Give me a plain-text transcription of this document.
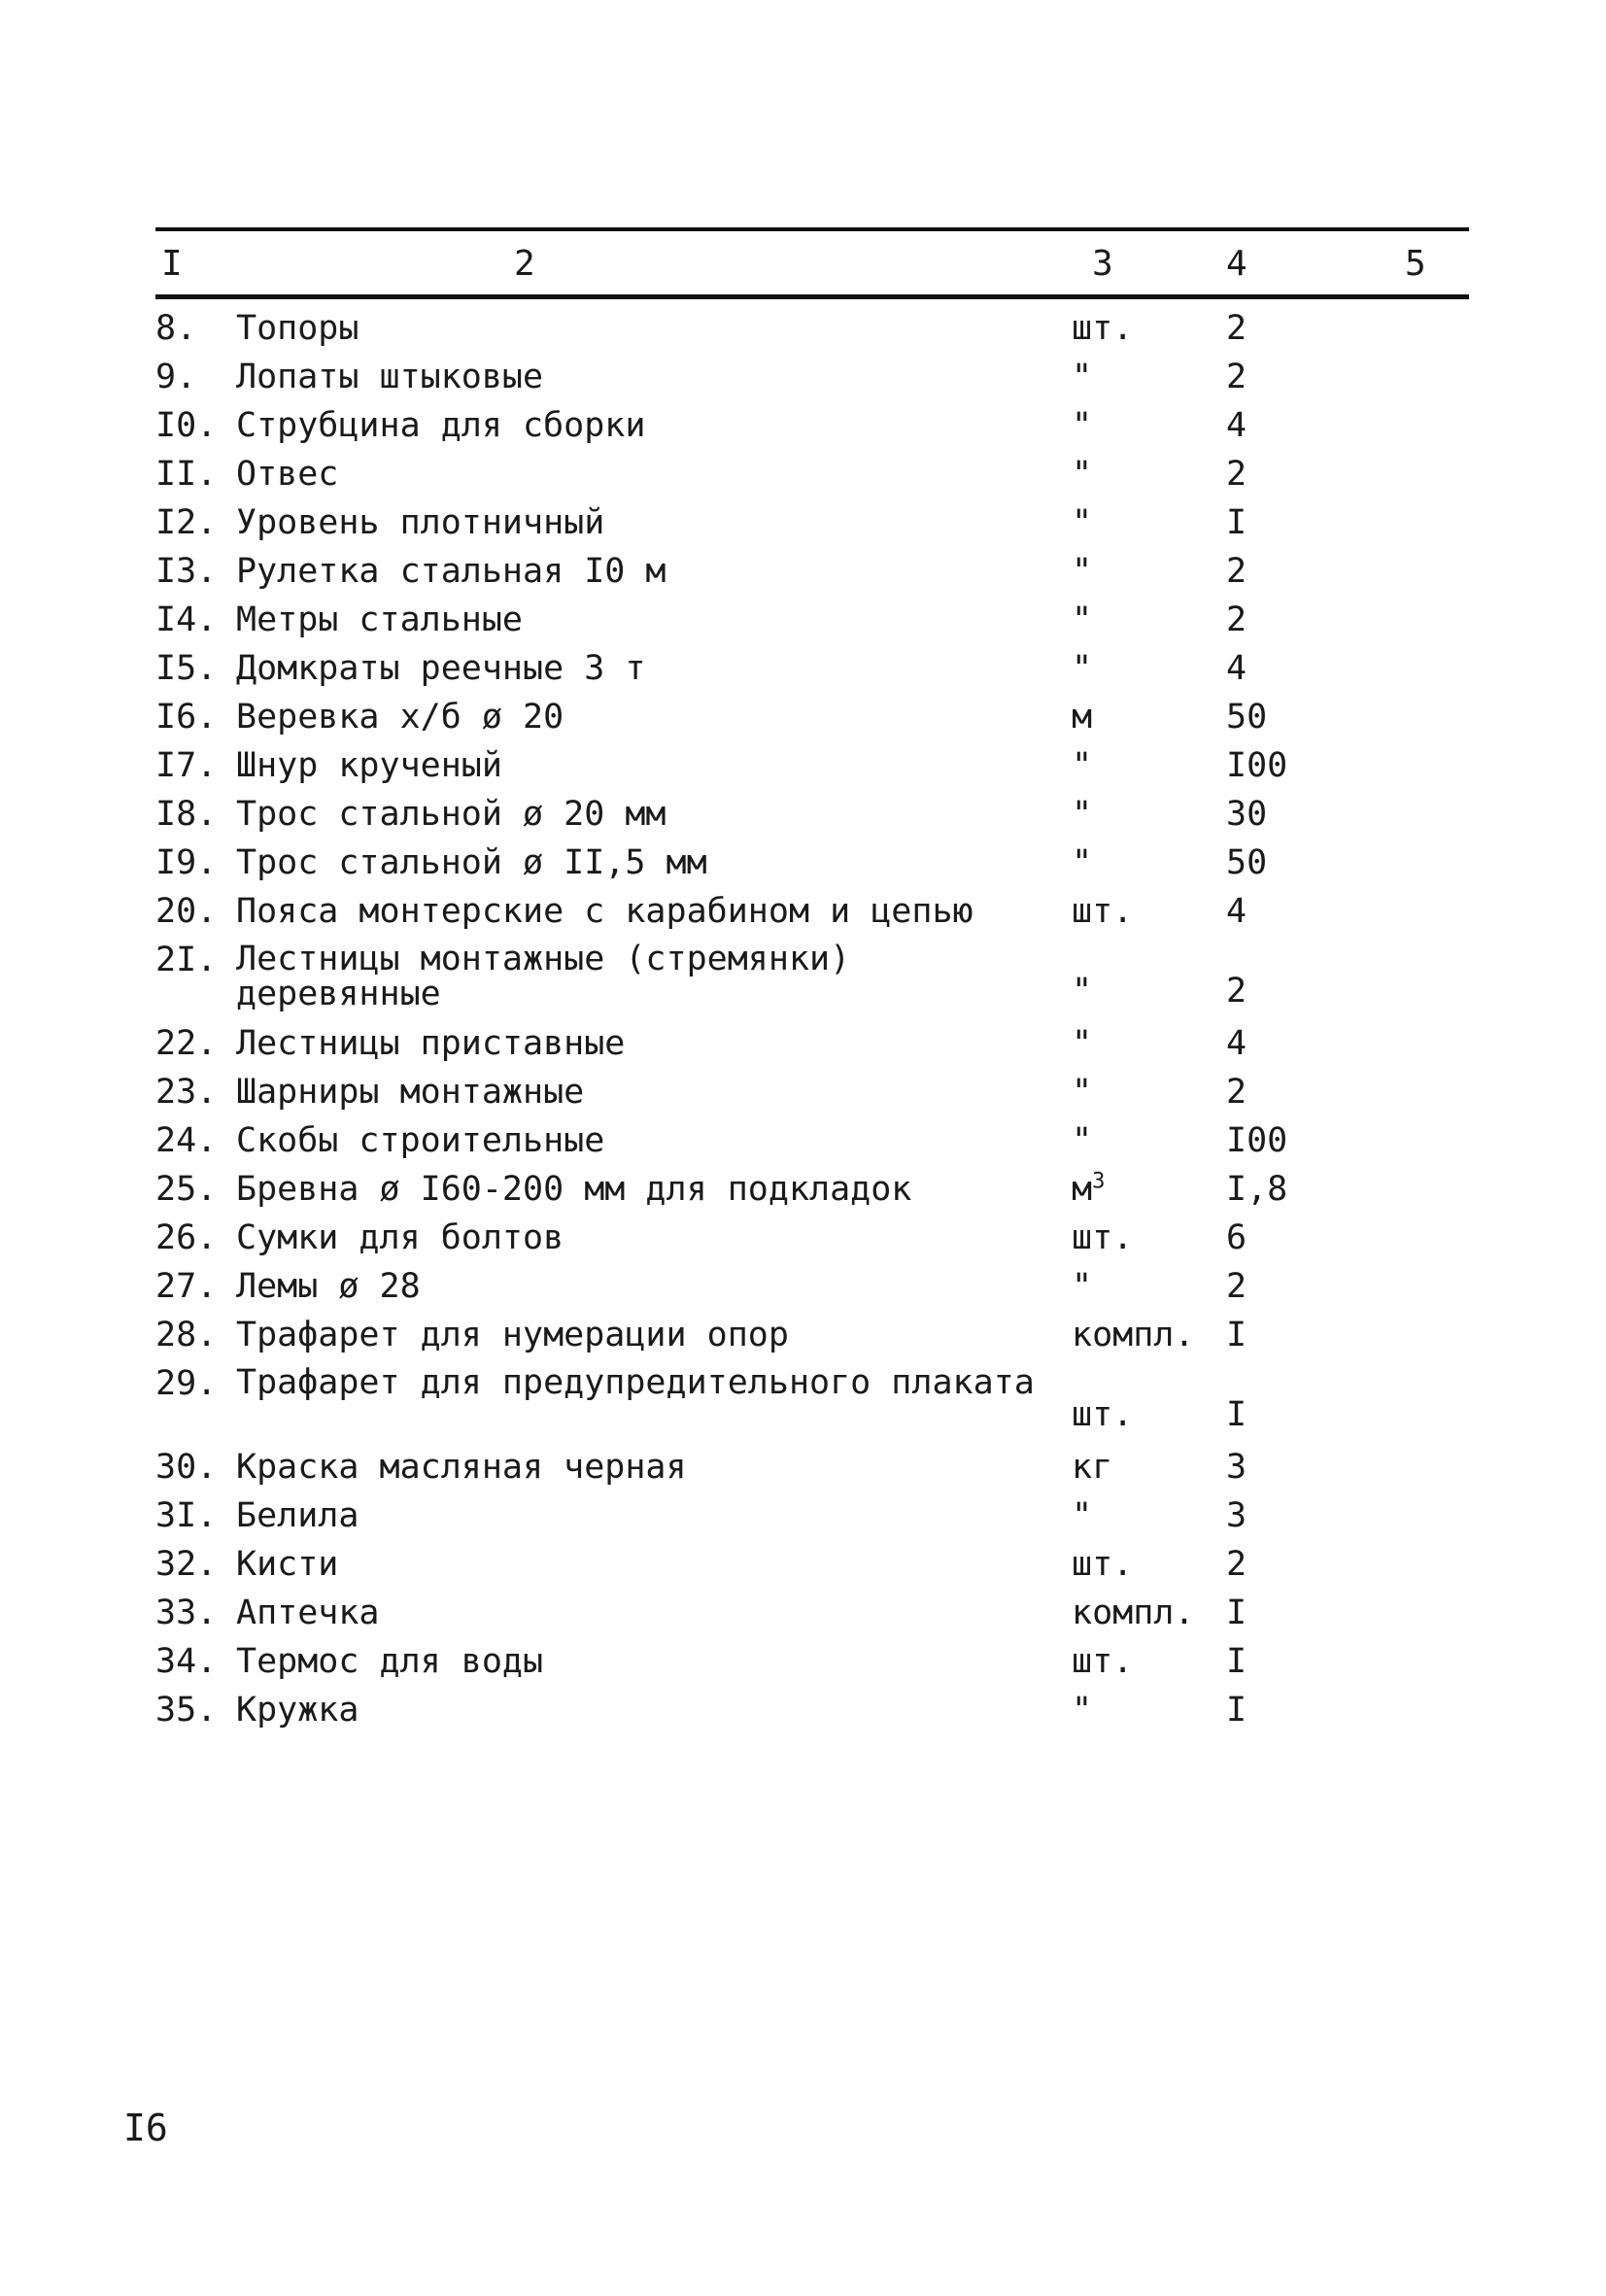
I	2	3	4	5
8.	Топоры	шт.	2
9.	Лопаты штыковые	"	2
I0. Струбцина для сборки	"	4
II. Отвес	"	2
I2. Уровень плотничный	"	I
I3. Рулетка стальная I0 м	"	2
I4. Метры стальные	"	2
I5. Домкраты реечные 3 т	"	4
I6. Веревка х/б ø 20	м	50
I7. Шнур крученый	"	I00
I8. Трос стальной ø 20 мм	"	30
I9. Трос стальной ø II,5 мм	"	50
20. Пояса монтерские с карабином и цепью	шт.	4
2I. Лестницы монтажные (стремянки) деревянные	"	2
22. Лестницы приставные	"	4
23. Шарниры монтажные	"	2
24. Скобы строительные	"	I00
25. Бревна ø I60-200 мм для подкладок	$м^3$	I,8
26. Сумки для болтов	шт.	6
27. Лемы ø 28	"	2
28. Трафарет для нумерации опор	компл. I
29. Трафарет для предупредительного плаката
шт.	I
30. Краска масляная черная	кг	3
3I. Белила	"	3
32. Кисти	шт.	2
33. Аптечка	компл. I
34. Термос для воды	шт.	I
35. Кружка	"	I
I6
